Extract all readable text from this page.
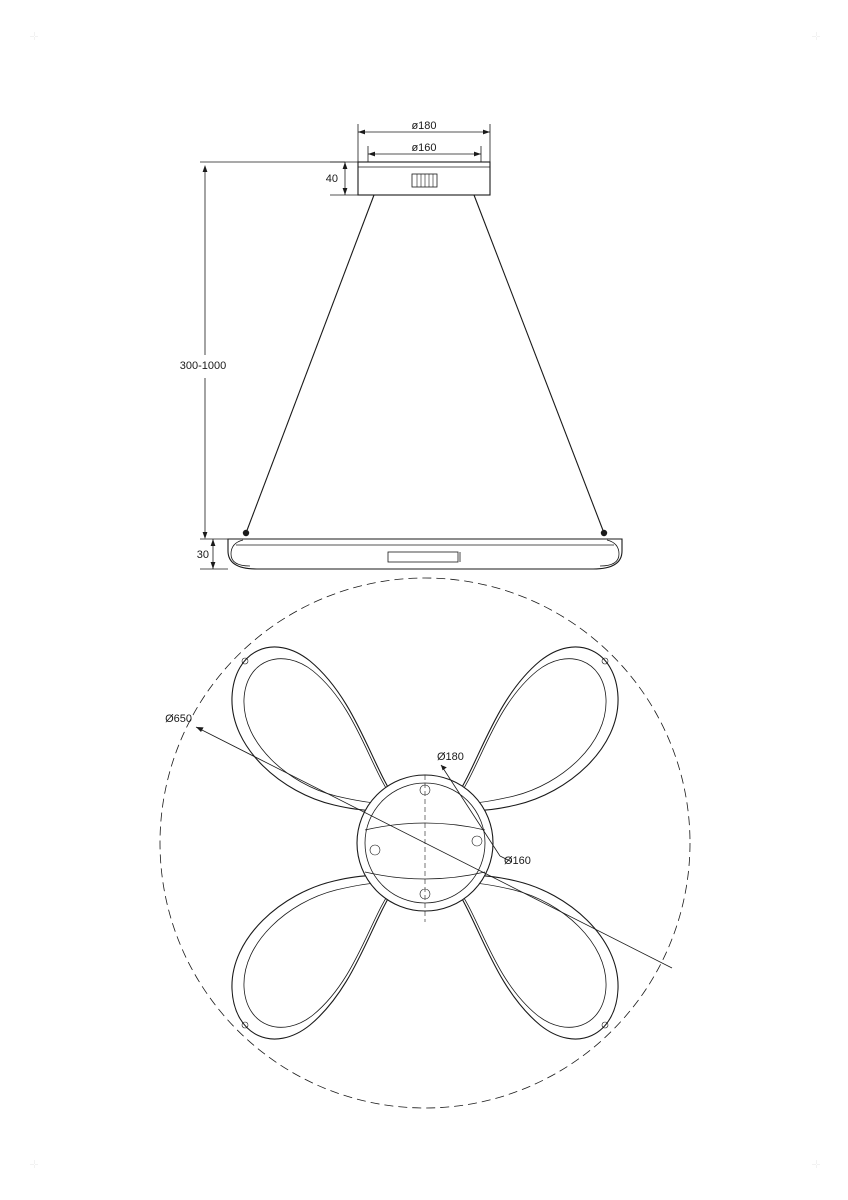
ø180
ø160
40
300-1000
30
Ø650
Ø180
Ø160
